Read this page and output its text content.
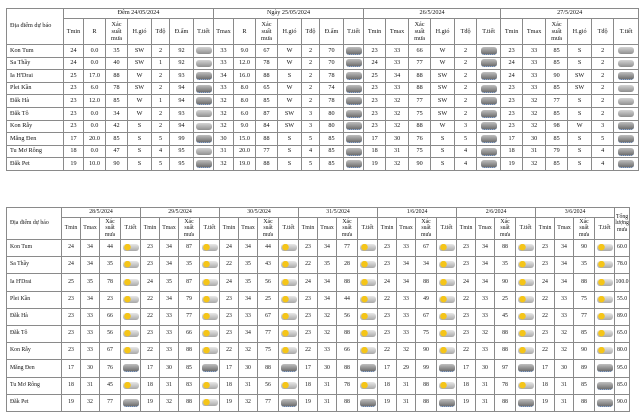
Địa điểm dự báo	Đêm 24/05/2024							Ngày 25/05/2024							26/5/2024						27/5/2024					
	Tmin	R	Xác suất mưa	H.gió	Tđộ	Đ.ẩm	T.tiết	Tmax	R	Xác suất mưa	H.gió	Tđộ	Đ.ẩm	T.tiết	Tmin	Tmax	Xác suất mưa	H.gió	Tđộ	T.tiết	Tmin	Tmax	Xác suất mưa	H.gió	Tđộ	T.tiết
Kon Tum	24	0.0	35	SW	2	92		33	9.0	67	W	2	70		23	33	66	W	2		23	33	85	S	2	
Sa Thầy	24	0.0	40	SW	1	92		33	12.0	78	W	2	70		24	33	77	W	2		24	33	85	S	2	
Ia H'Drai	25	17.0	88	W	2	93		34	16.0	88	S	2	78		25	34	88	SW	2		24	33	90	SW	2	
Plei Kần	23	6.0	78	SW	2	94		33	8.0	65	W	2	74		23	33	88	SW	2		23	33	85	SW	2	
Đăk Hà	23	12.0	85	W	1	94		32	8.0	85	W	2	78		23	32	77	SW	2		23	32	77	S	2	
Đăk Tô	23	0.0	34	W	2	93		32	6.0	87	SW	3	80		23	32	75	SW	2		23	32	85	S	2	
Kon Rẫy	23	0.0	42	S	2	94		32	9.0	84	SW	3	80		23	32	88	W	3		23	32	98	W	3	
Măng Đen	17	20.0	85	S	5	99		30	15.0	88	S	5	85		17	30	76	S	5		17	30	85	S	5	
Tu Mơ Rông	18	0.0	47	S	4	95		31	20.0	77	S	4	85		18	31	75	S	4		18	31	79	S	4	
Đăk Pet	19	10.0	90	S	5	95		32	19.0	88	S	5	85		19	32	90	S	4		19	32	85	S	4	
Địa điểm dự báo	28/5/2024				29/5/2024				30/5/2024				31/5/2024				1/6/2024				2/6/2024				3/6/2024				Tổng lượng mưa
	Tmin	Tmax	Xác suất mưa	T.tiết	Tmin	Tmax	Xác suất mưa	T.tiết	Tmin	Tmax	Xác suất mưa	T.tiết	Tmin	Tmax	Xác suất mưa	T.tiết	Tmin	Tmax	Xác suất mưa	T.tiết	Tmin	Tmax	Xác suất mưa	T.tiết	Tmin	Tmax	Xác suất mưa	T.tiết	
Kon Tum	24	34	44		23	34	87		24	34	44		23	34	77		23	33	67		23	34	88		23	34	90		60.0
Sa Thầy	24	34	35		23	34	35		22	35	43		22	35	28		23	34	34		23	34	35		23	34	35		78.0
Ia H'Drai	25	35	78		24	35	87		24	35	56		24	34	88		24	34	88		24	34	90		24	34	88		100.0
Plei Kần	23	34	23		22	34	79		23	34	25		23	34	44		22	33	49		22	33	25		22	33	75		55.0
Đăk Hà	23	33	66		22	33	77		23	33	67		23	32	56		23	33	67		23	33	45		22	33	77		89.0
Đăk Tô	23	33	56		23	33	66		23	34	77		23	32	88		23	33	75		23	32	88		23	32	85		65.0
Kon Rẫy	23	33	67		22	33	88		22	32	75		22	33	66		22	32	90		22	33	88		22	32	90		80.0
Măng Đen	17	30	76		17	30	85		17	30	88		17	30	88		17	29	99		17	30	97		17	30	89		95.0
Tu Mơ Rông	18	31	45		18	31	83		18	31	56		18	31	78		18	31	88		18	31	78		18	31	85		85.0
Đăk Pet	19	32	77		19	32	88		19	32	77		19	31	88		19	31	88		19	31	88		19	31	88		90.0
